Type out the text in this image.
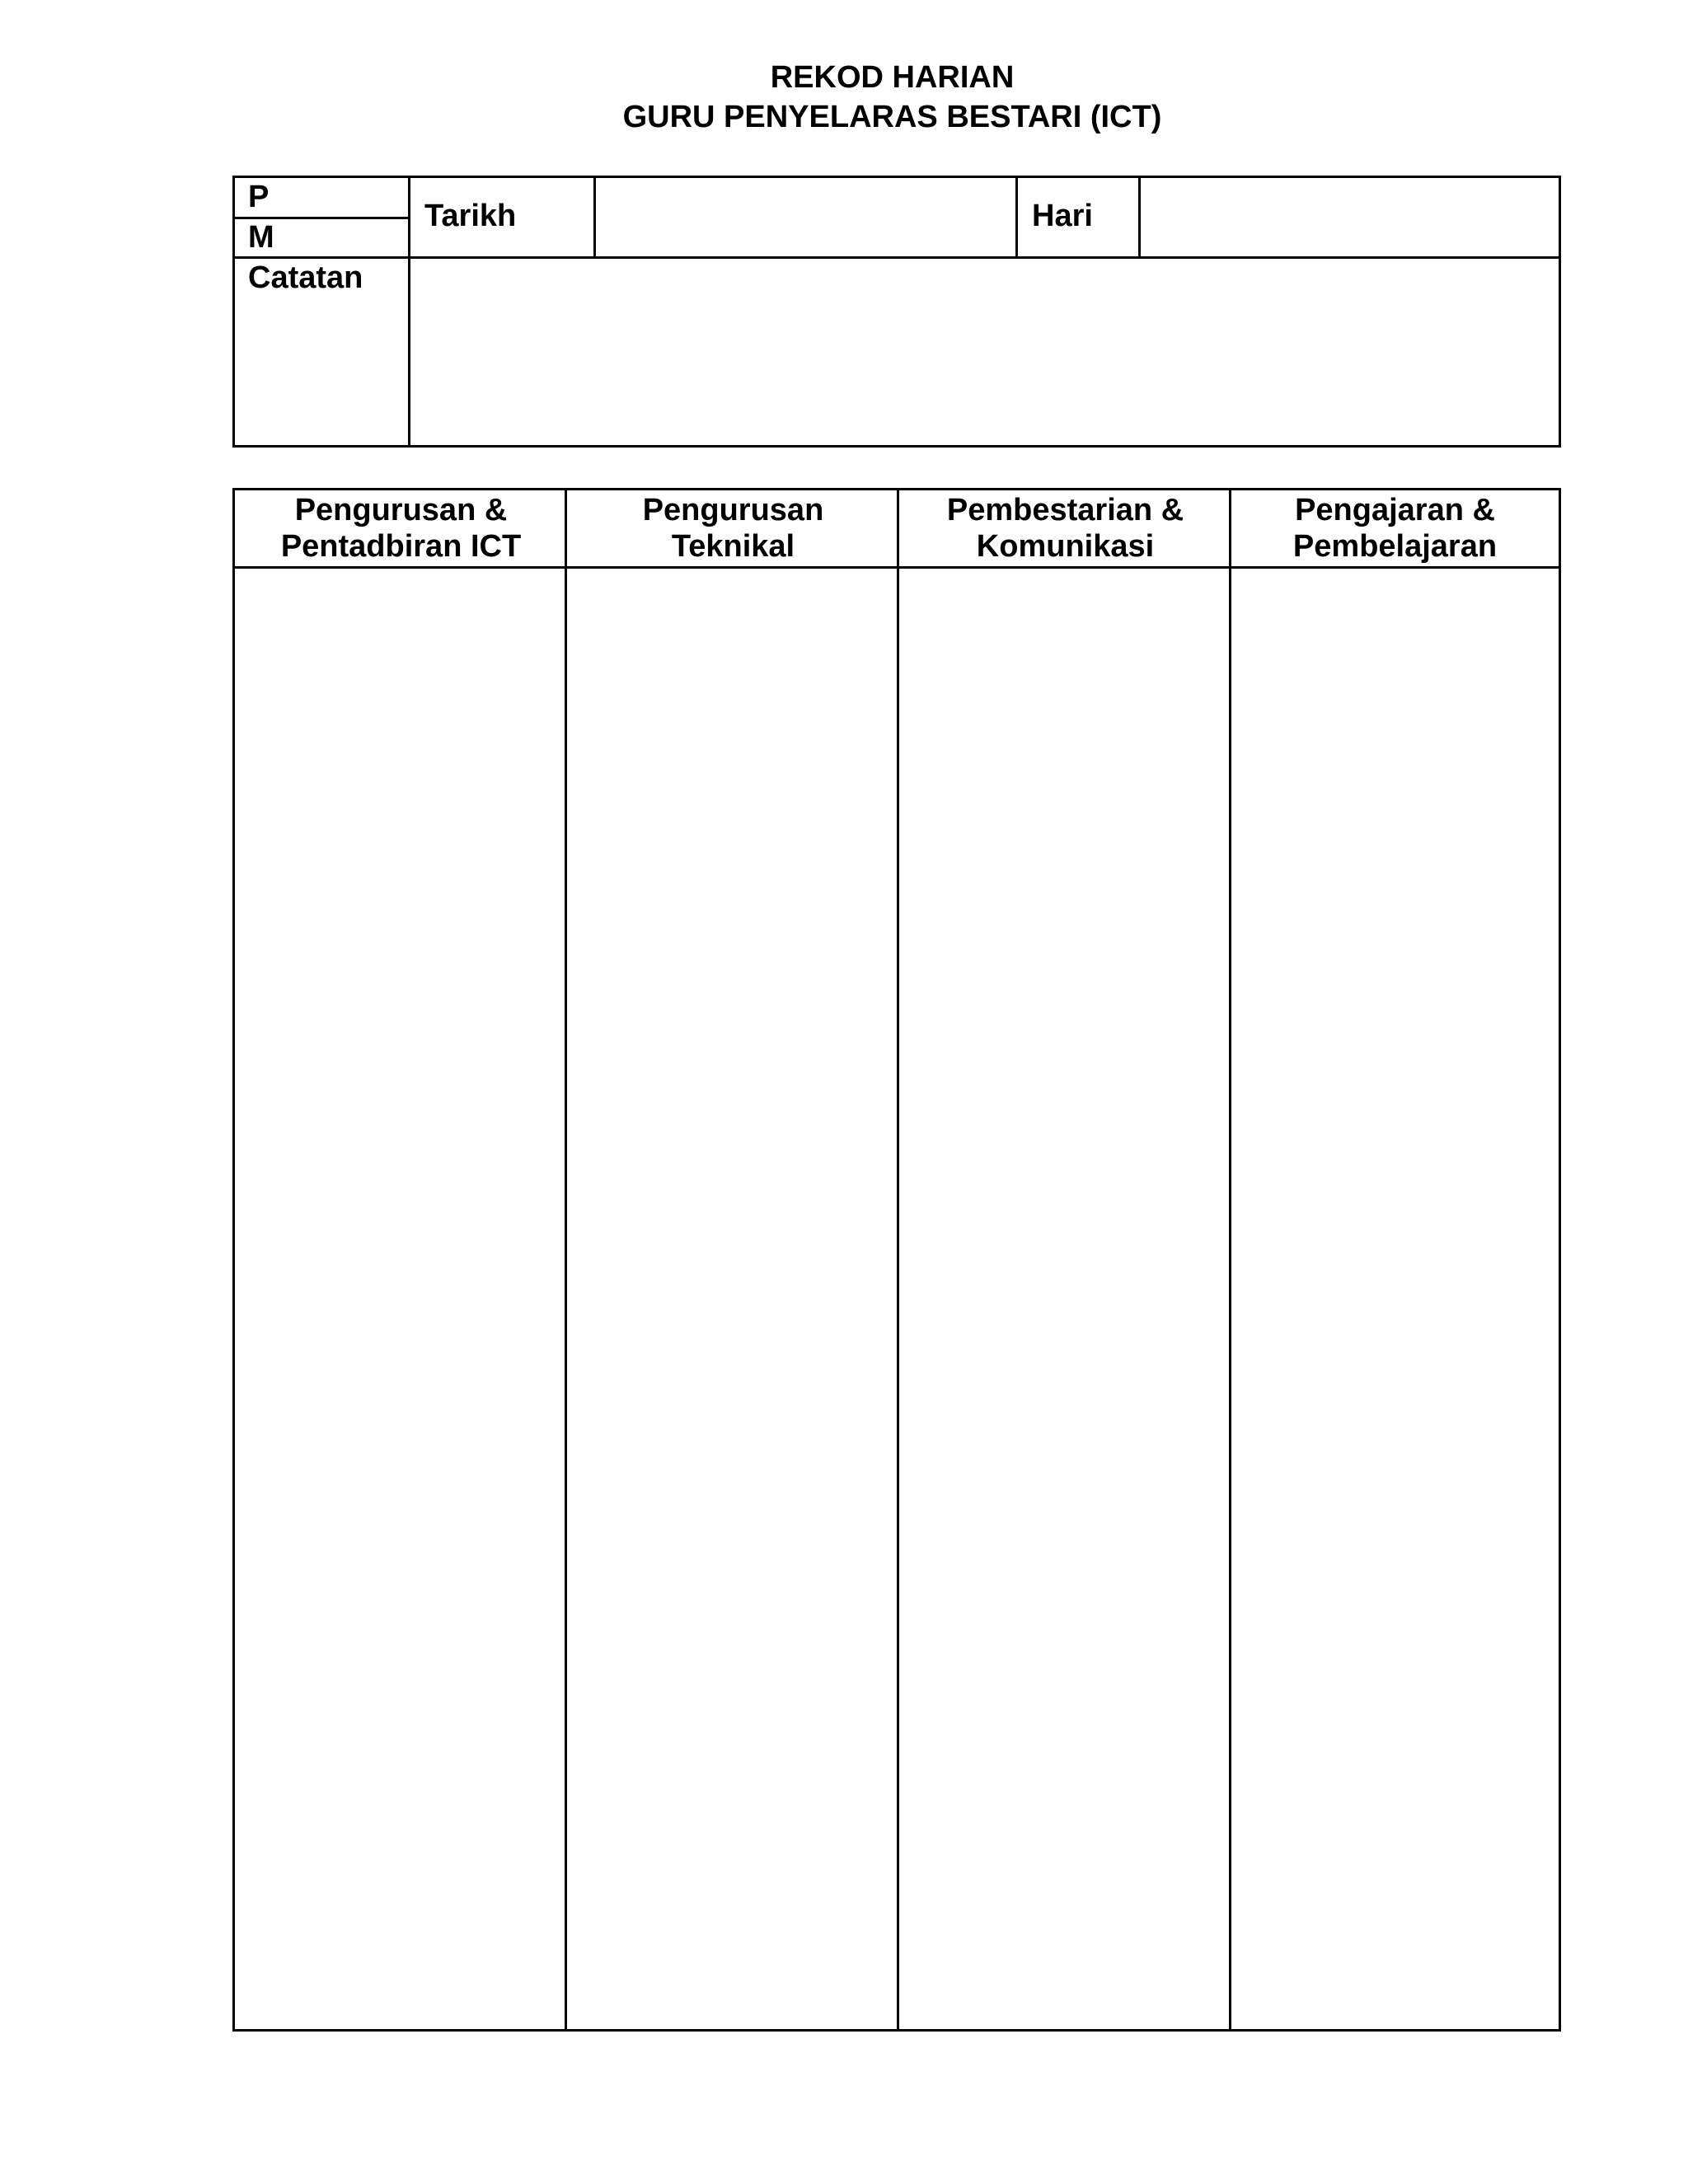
REKOD HARIAN
GURU PENYELARAS BESTARI (ICT)
P
M
Tarikh	Hari
Catatan
Pengurusan &
Pentadbiran ICT
Pengurusan
Teknikal
Pembestarian &
Komunikasi
Pengajaran &
Pembelajaran
